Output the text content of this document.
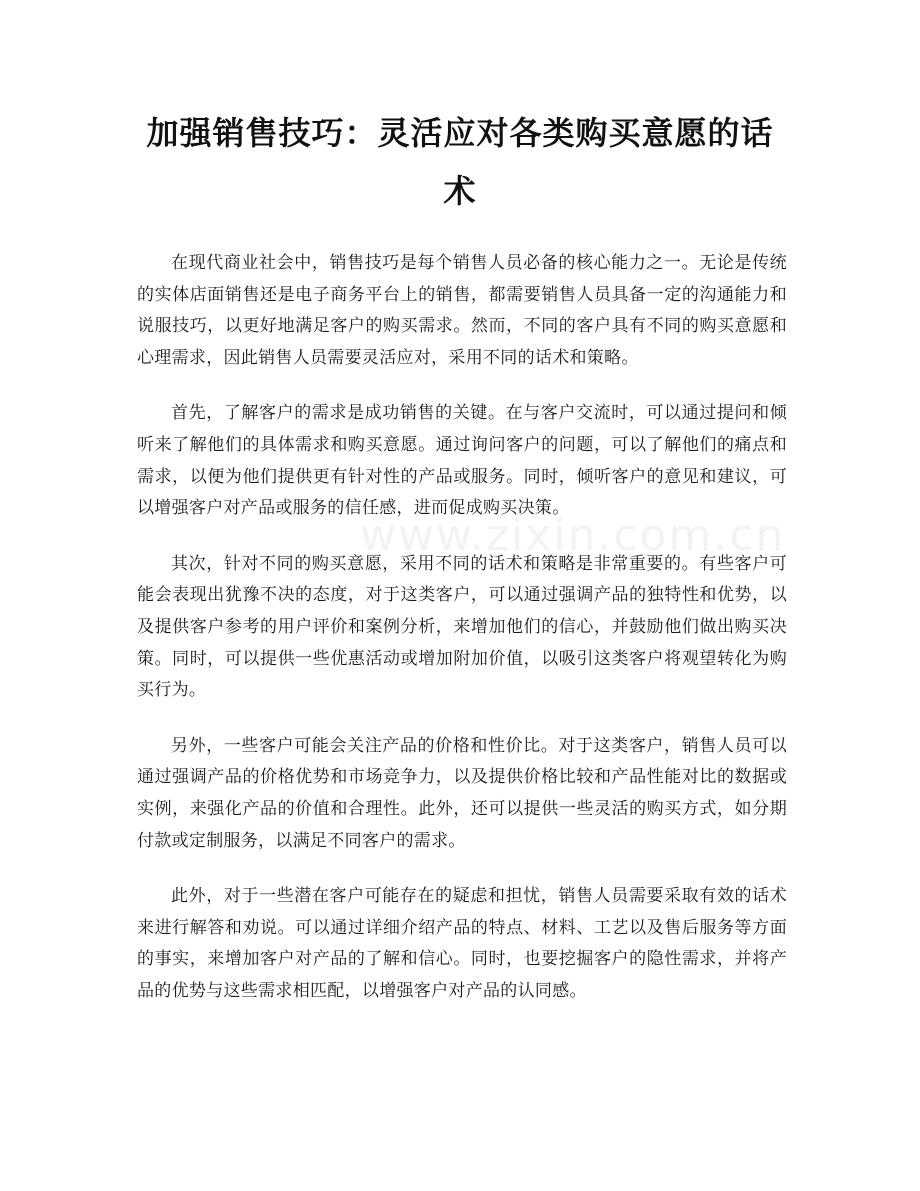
加强销售技巧：灵活应对各类购买意愿的话术
www.zixin.com.cn

在现代商业社会中，销售技巧是每个销售人员必备的核心能力之一。无论是传统的实体店面销售还是电子商务平台上的销售，都需要销售人员具备一定的沟通能力和说服技巧，以更好地满足客户的购买需求。然而，不同的客户具有不同的购买意愿和心理需求，因此销售人员需要灵活应对，采用不同的话术和策略。

首先，了解客户的需求是成功销售的关键。在与客户交流时，可以通过提问和倾听来了解他们的具体需求和购买意愿。通过询问客户的问题，可以了解他们的痛点和需求，以便为他们提供更有针对性的产品或服务。同时，倾听客户的意见和建议，可以增强客户对产品或服务的信任感，进而促成购买决策。

其次，针对不同的购买意愿，采用不同的话术和策略是非常重要的。有些客户可能会表现出犹豫不决的态度，对于这类客户，可以通过强调产品的独特性和优势，以及提供客户参考的用户评价和案例分析，来增加他们的信心，并鼓励他们做出购买决策。同时，可以提供一些优惠活动或增加附加价值，以吸引这类客户将观望转化为购买行为。

另外，一些客户可能会关注产品的价格和性价比。对于这类客户，销售人员可以通过强调产品的价格优势和市场竞争力，以及提供价格比较和产品性能对比的数据或实例，来强化产品的价值和合理性。此外，还可以提供一些灵活的购买方式，如分期付款或定制服务，以满足不同客户的需求。

此外，对于一些潜在客户可能存在的疑虑和担忧，销售人员需要采取有效的话术来进行解答和劝说。可以通过详细介绍产品的特点、材料、工艺以及售后服务等方面的事实，来增加客户对产品的了解和信心。同时，也要挖掘客户的隐性需求，并将产品的优势与这些需求相匹配，以增强客户对产品的认同感。
